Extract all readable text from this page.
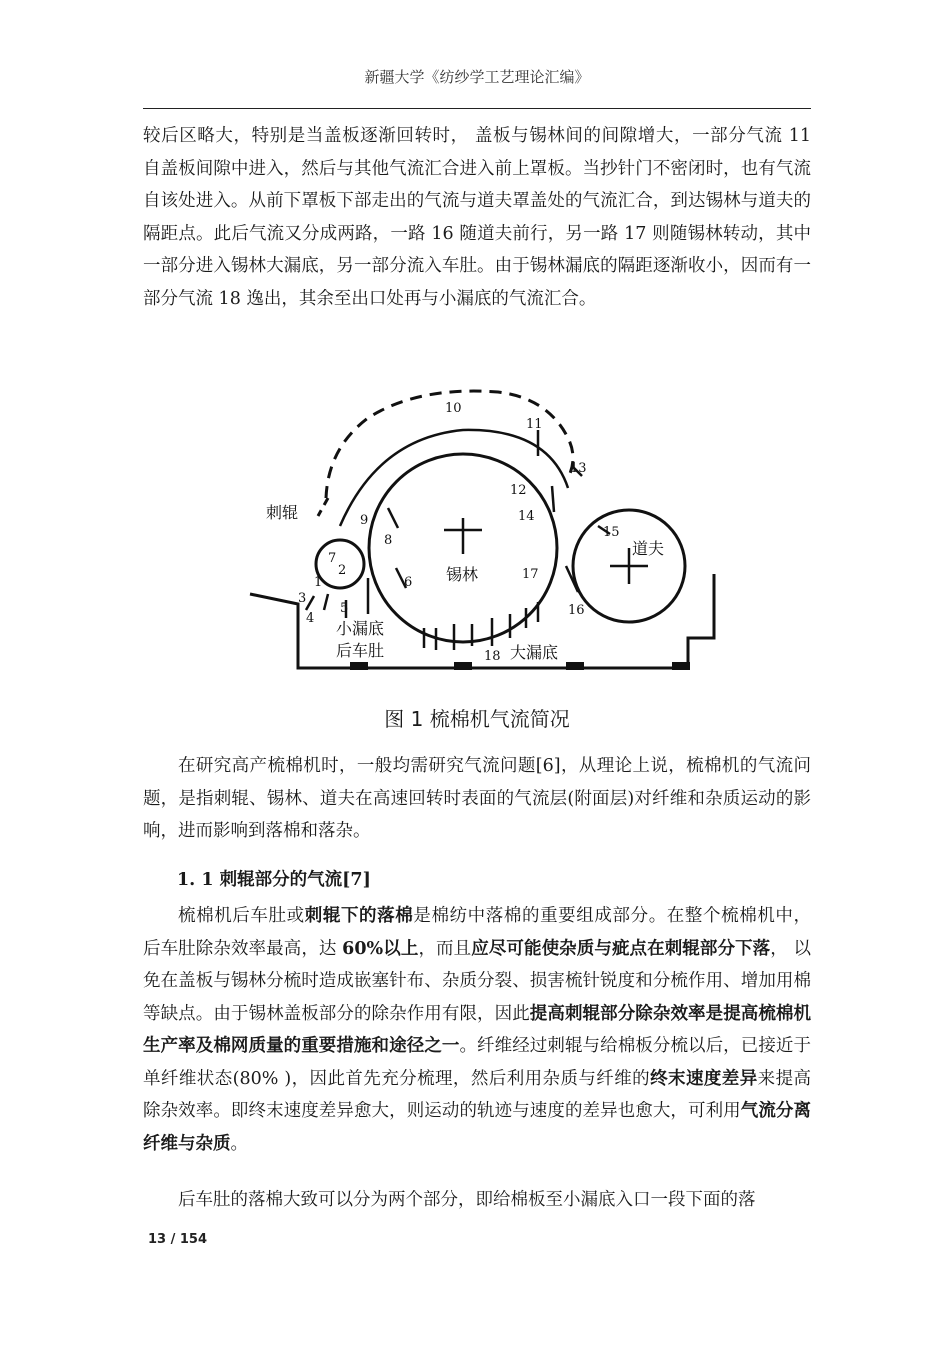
新疆大学《纺纱学工艺理论汇编》

较后区略大，特别是当盖板逐渐回转时， 盖板与锡林间的间隙增大，一部分气流 11 自盖板间隙中进入，然后与其他气流汇合进入前上罩板。当抄针门不密闭时，也有气流自该处进入。从前下罩板下部走出的气流与道夫罩盖处的气流汇合，到达锡林与道夫的隔距点。此后气流又分成两路，一路 16 随道夫前行，另一路 17 则随锡林转动，其中一部分进入锡林大漏底，另一部分流入车肚。由于锡林漏底的隔距逐渐收小，因而有一部分气流 18 逸出，其余至出口处再与小漏底的气流汇合。

10
11
13
12
14
15
9
8
6
17
16
7
2
1
3
4
5
18
刺辊
锡林
道夫
小漏底
后车肚	大漏底
图 1 梳棉机气流简况

在研究高产梳棉机时，一般均需研究气流问题[6]，从理论上说，梳棉机的气流问题，是指刺辊、锡林、道夫在高速回转时表面的气流层(附面层)对纤维和杂质运动的影响，进而影响到落棉和落杂。

1. 1 刺辊部分的气流[7]

梳棉机后车肚或刺辊下的落棉是棉纺中落棉的重要组成部分。在整个梳棉机中， 后车肚除杂效率最高，达 60%以上，而且应尽可能使杂质与疵点在刺辊部分下落， 以免在盖板与锡林分梳时造成嵌塞针布、杂质分裂、损害梳针锐度和分梳作用、增加用棉等缺点。由于锡林盖板部分的除杂作用有限，因此提高刺辊部分除杂效率是提高梳棉机生产率及棉网质量的重要措施和途径之一。纤维经过刺辊与给棉板分梳以后，已接近于单纤维状态(80% )，因此首先充分梳理，然后利用杂质与纤维的终末速度差异来提高除杂效率。即终末速度差异愈大，则运动的轨迹与速度的差异也愈大，可利用气流分离纤维与杂质。

后车肚的落棉大致可以分为两个部分，即给棉板至小漏底入口一段下面的落

13 / 154
